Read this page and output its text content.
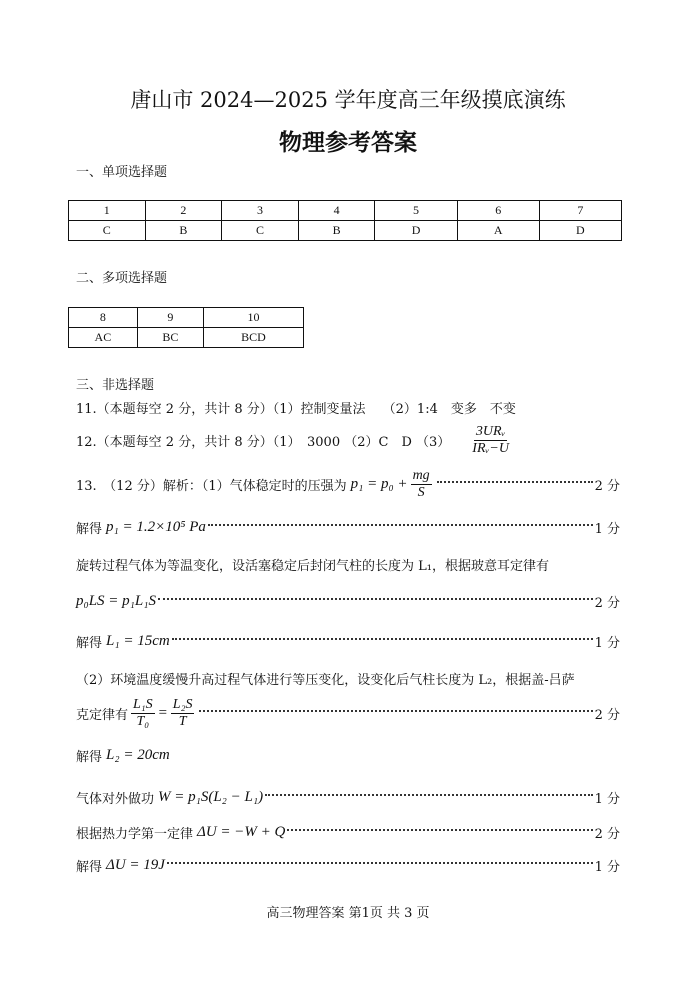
唐山市 2024—2025 学年度高三年级摸底演练
物理参考答案
一、单项选择题
1	2	3	4	5	6	7
C	B	C	B	D	A	D
二、多项选择题
8	9	10
AC	BC	BCD
三、非选择题
11.（本题每空 2 分，共计 8 分）（1）控制变量法　 （2）1:4　变多　不变
12.（本题每空 2 分，共计 8 分）（1）　3000 （2）C　D $(3) \frac{\text{3URᵥ}}{\text{IRᵥ−U}}$
13.　（12 分）解析：（1）气体稳定时的压强为 $p_1 = p_0 + \frac{mg}{S}$	2 分
解得 p₁ = 1.2×10⁵ Pa	1 分
旋转过程气体为等温变化，设活塞稳定后封闭气柱的长度为 L₁，根据玻意耳定律有
p₀LS = p₁L₁S	2 分
解得 L₁ = 15cm	1 分
（2）环境温度缓慢升高过程气体进行等压变化，设变化后气柱长度为 L₂，根据盖-吕萨
克定律有 $\frac{\text{L₁S}}{\text{T₀}} = \frac{\text{L₂S}}{T}$	2 分
解得 L₂ = 20cm
气体对外做功 W = p₁S(L₂ − L₁)	1 分
根据热力学第一定律 ΔU = −W + Q	2 分
解得 ΔU = 19J	1 分
高三物理答案 第1页 共 3 页
